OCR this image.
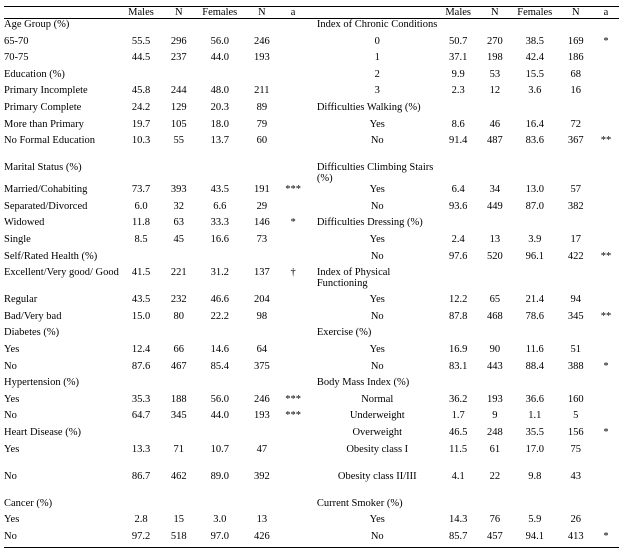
	Males	N	Females	N	a			Males	N	Females	N	a
Age Group (%)							Index of Chronic Conditions					
65-70	55.5	296	56.0	246			0	50.7	270	38.5	169	*
70-75	44.5	237	44.0	193			1	37.1	198	42.4	186	
Education (%)							2	9.9	53	15.5	68	
Primary Incomplete	45.8	244	48.0	211			3	2.3	12	3.6	16	
Primary Complete	24.2	129	20.3	89			Difficulties Walking (%)					
More than Primary	19.7	105	18.0	79			Yes	8.6	46	16.4	72	
No Formal Education	10.3	55	13.7	60			No	91.4	487	83.6	367	**
Marital Status (%)							Difficulties Climbing Stairs (%)					
Married/Cohabiting	73.7	393	43.5	191	***		Yes	6.4	34	13.0	57	
Separated/Divorced	6.0	32	6.6	29			No	93.6	449	87.0	382	
Widowed	11.8	63	33.3	146	*		Difficulties Dressing (%)					
Single	8.5	45	16.6	73			Yes	2.4	13	3.9	17	
Self/Rated Health (%)							No	97.6	520	96.1	422	**
Excellent/Very good/ Good	41.5	221	31.2	137	†		Index of Physical Functioning					
Regular	43.5	232	46.6	204			Yes	12.2	65	21.4	94	
Bad/Very bad	15.0	80	22.2	98			No	87.8	468	78.6	345	**
Diabetes (%)							Exercise (%)					
Yes	12.4	66	14.6	64			Yes	16.9	90	11.6	51	
No	87.6	467	85.4	375			No	83.1	443	88.4	388	*
Hypertension (%)							Body Mass Index (%)					
Yes	35.3	188	56.0	246	***		Normal	36.2	193	36.6	160	
No	64.7	345	44.0	193	***		Underweight	1.7	9	1.1	5	
Heart Disease (%)							Overweight	46.5	248	35.5	156	*
Yes	13.3	71	10.7	47			Obesity class I	11.5	61	17.0	75	
No	86.7	462	89.0	392			Obesity class II/III	4.1	22	9.8	43	
Cancer (%)							Current Smoker (%)					
Yes	2.8	15	3.0	13			Yes	14.3	76	5.9	26	
No	97.2	518	97.0	426			No	85.7	457	94.1	413	*
